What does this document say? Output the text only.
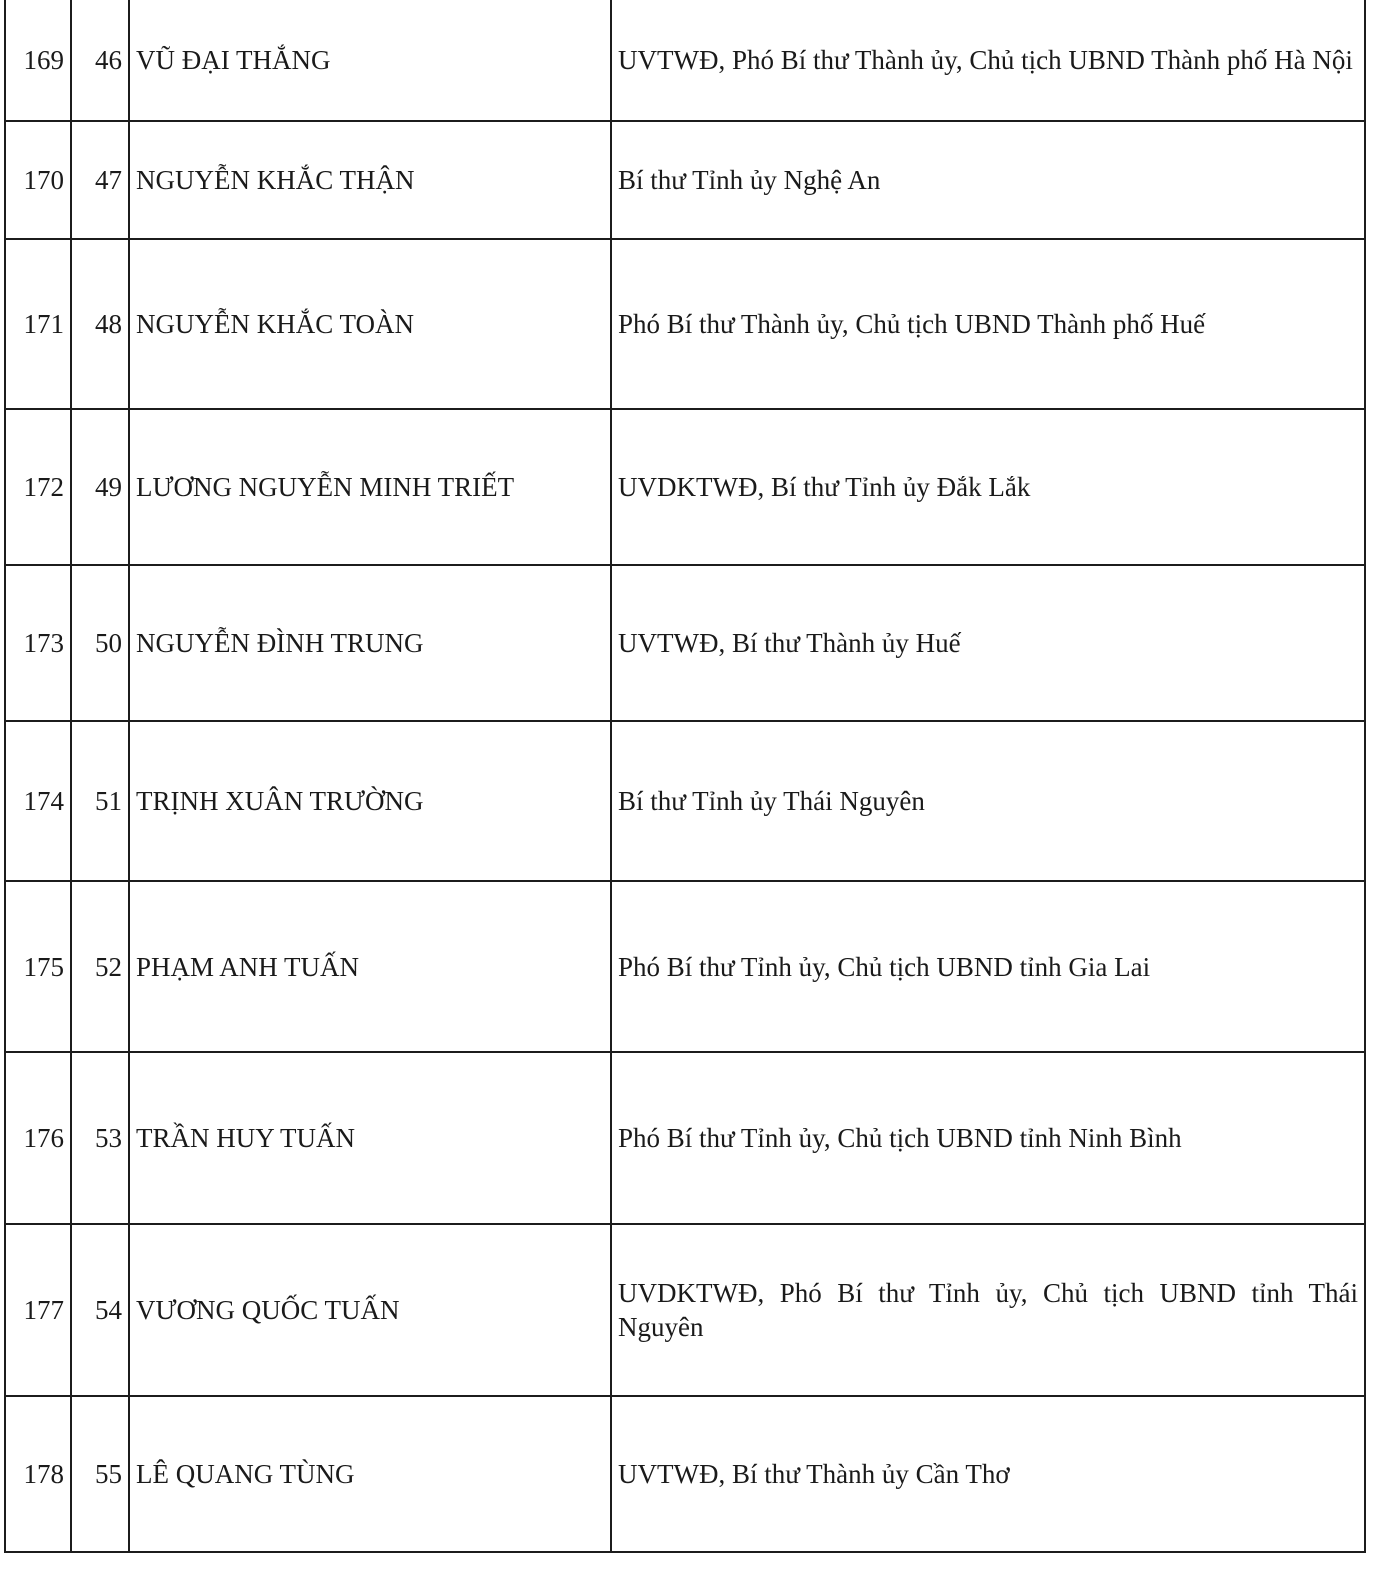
169	46	VŨ ĐẠI THẮNG	UVTWĐ, Phó Bí thư Thành ủy, Chủ tịch UBND Thành phố Hà Nội
170	47	NGUYỄN KHẮC THẬN	Bí thư Tỉnh ủy Nghệ An
171	48	NGUYỄN KHẮC TOÀN	Phó Bí thư Thành ủy, Chủ tịch UBND Thành phố Huế
172	49	LƯƠNG NGUYỄN MINH TRIẾT	UVDKTWĐ, Bí thư Tỉnh ủy Đắk Lắk
173	50	NGUYỄN ĐÌNH TRUNG	UVTWĐ, Bí thư Thành ủy Huế
174	51	TRỊNH XUÂN TRƯỜNG	Bí thư Tỉnh ủy Thái Nguyên
175	52	PHẠM ANH TUẤN	Phó Bí thư Tỉnh ủy, Chủ tịch UBND tỉnh Gia Lai
176	53	TRẦN HUY TUẤN	Phó Bí thư Tỉnh ủy, Chủ tịch UBND tỉnh Ninh Bình
177	54	VƯƠNG QUỐC TUẤN	UVDKTWĐ, Phó Bí thư Tỉnh ủy, Chủ tịch UBND tỉnh Thái Nguyên
178	55	LÊ QUANG TÙNG	UVTWĐ, Bí thư Thành ủy Cần Thơ
